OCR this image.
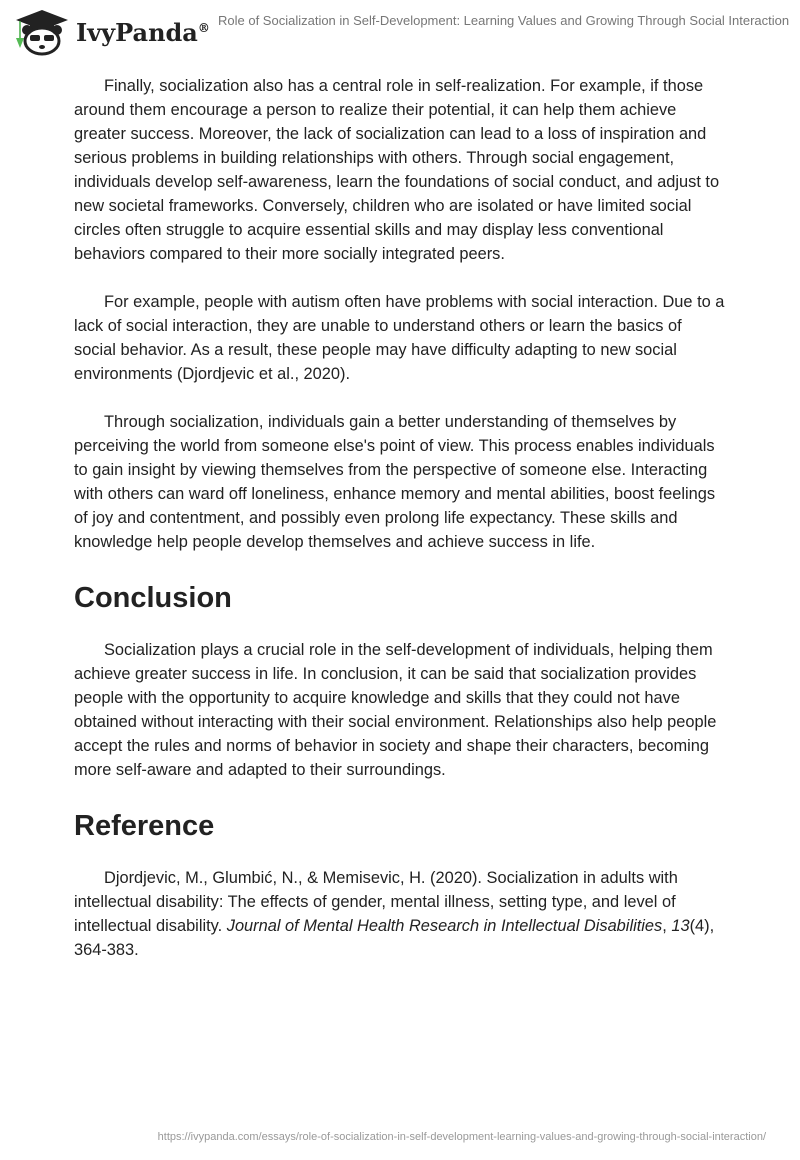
IvyPanda® Role of Socialization in Self-Development: Learning Values and Growing Through Social Interaction

Finally, socialization also has a central role in self-realization. For example, if those around them encourage a person to realize their potential, it can help them achieve greater success. Moreover, the lack of socialization can lead to a loss of inspiration and serious problems in building relationships with others. Through social engagement, individuals develop self-awareness, learn the foundations of social conduct, and adjust to new societal frameworks. Conversely, children who are isolated or have limited social circles often struggle to acquire essential skills and may display less conventional behaviors compared to their more socially integrated peers.

For example, people with autism often have problems with social interaction. Due to a lack of social interaction, they are unable to understand others or learn the basics of social behavior. As a result, these people may have difficulty adapting to new social environments (Djordjevic et al., 2020).

Through socialization, individuals gain a better understanding of themselves by perceiving the world from someone else's point of view. This process enables individuals to gain insight by viewing themselves from the perspective of someone else. Interacting with others can ward off loneliness, enhance memory and mental abilities, boost feelings of joy and contentment, and possibly even prolong life expectancy. These skills and knowledge help people develop themselves and achieve success in life.

Conclusion

Socialization plays a crucial role in the self-development of individuals, helping them achieve greater success in life. In conclusion, it can be said that socialization provides people with the opportunity to acquire knowledge and skills that they could not have obtained without interacting with their social environment. Relationships also help people accept the rules and norms of behavior in society and shape their characters, becoming more self-aware and adapted to their surroundings.

Reference

Djordjevic, M., Glumbić, N., & Memisevic, H. (2020). Socialization in adults with intellectual disability: The effects of gender, mental illness, setting type, and level of intellectual disability. Journal of Mental Health Research in Intellectual Disabilities, 13(4), 364-383.

https://ivypanda.com/essays/role-of-socialization-in-self-development-learning-values-and-growing-through-social-interaction/
